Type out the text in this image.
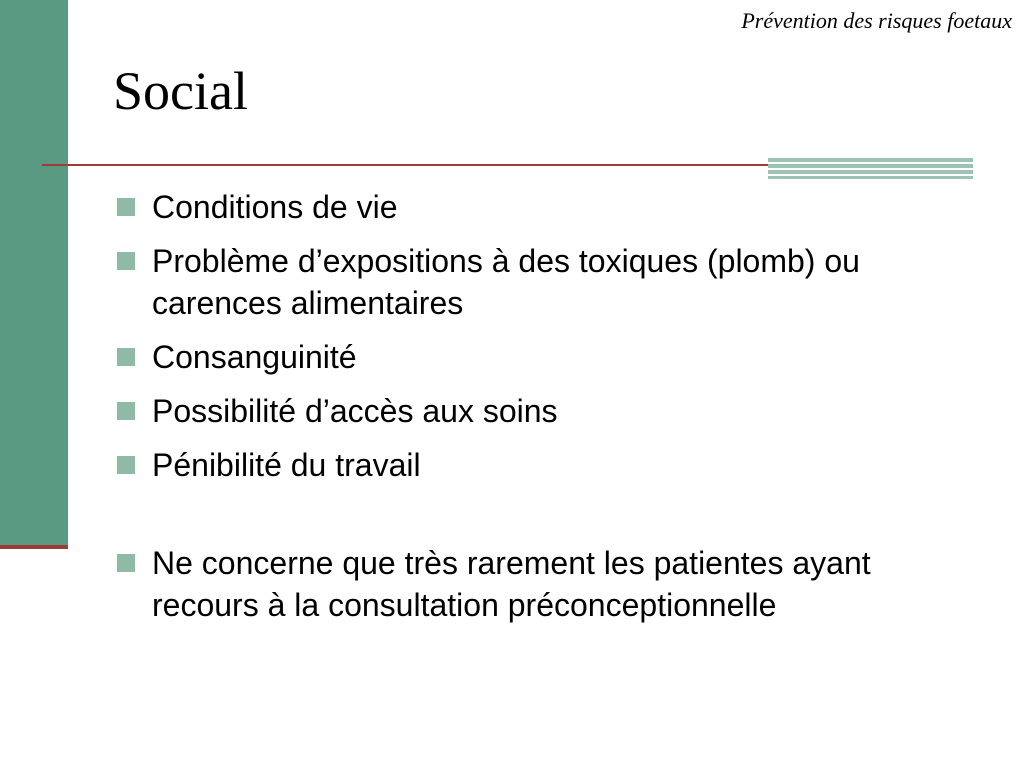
Prévention des risques foetaux
Social
Conditions de vie
Problème d’expositions à des toxiques (plomb) ou carences alimentaires
Consanguinité
Possibilité d’accès aux soins
Pénibilité du travail
Ne concerne que très rarement les patientes ayant recours à la consultation préconceptionnelle
